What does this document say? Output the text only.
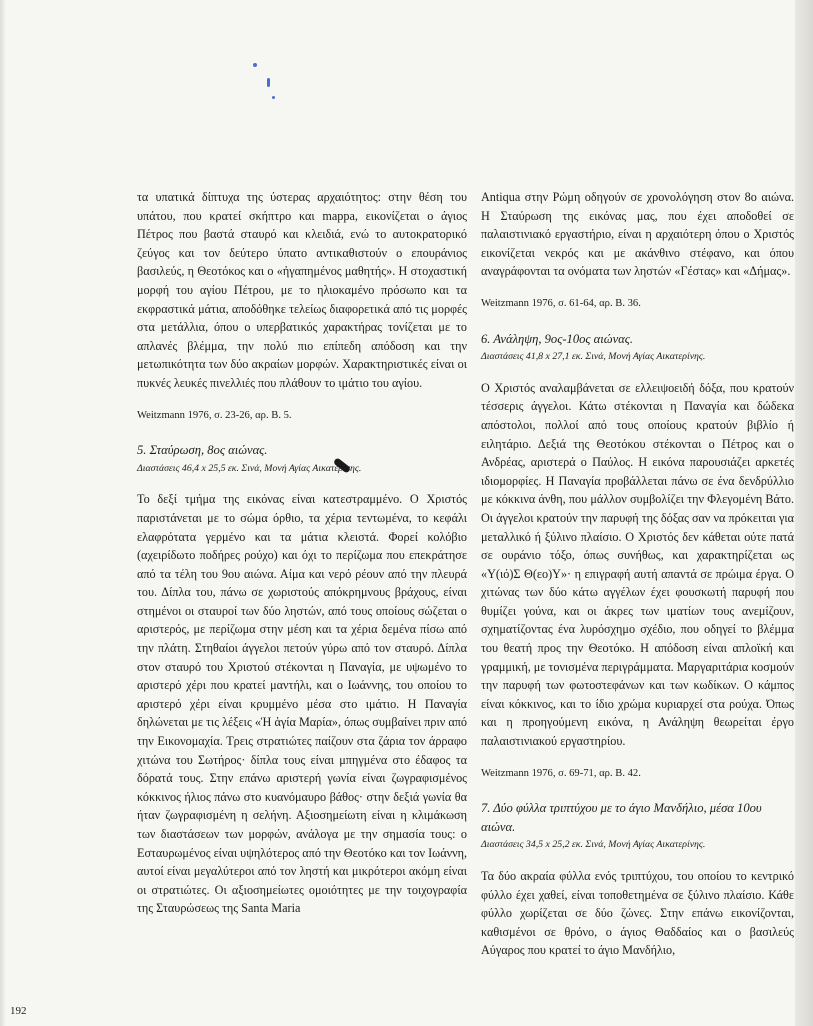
τα υπατικά δίπτυχα της ύστερας αρχαιότητος: στην θέση του υπάτου, που κρατεί σκήπτρο και mappa, εικονίζεται ο άγιος Πέτρος που βαστά σταυρό και κλειδιά, ενώ το αυτοκρατορικό ζεύγος και τον δεύτερο ύπατο αντικαθιστούν ο επουράνιος βασιλεύς, η Θεοτόκος και ο «ἠγαπημένος μαθητής». Η στοχαστική μορφή του αγίου Πέτρου, με το ηλιοκαμένο πρόσωπο και τα εκφραστικά μάτια, αποδόθηκε τελείως διαφορετικά από τις μορφές στα μετάλλια, όπου ο υπερβατικός χαρακτήρας τονίζεται με το απλανές βλέμμα, την πολύ πιο επίπεδη απόδοση και την μετωπικότητα των δύο ακραίων μορφών. Χαρακτηριστικές είναι οι πυκνές λευκές πινελλιές που πλάθουν το ιμάτιο του αγίου.

Weitzmann 1976, σ. 23-26, αρ. Β. 5.

5. Σταύρωση, 8ος αιώνας.

Διαστάσεις 46,4 x 25,5 εκ. Σινά, Μονή Αγίας Αικατερίνης.

Το δεξί τμήμα της εικόνας είναι κατεστραμμένο. Ο Χριστός παριστάνεται με το σώμα όρθιο, τα χέρια τεντωμένα, το κεφάλι ελαφρότατα γερμένο και τα μάτια κλειστά. Φορεί κολόβιο (αχειρίδωτο ποδήρες ρούχο) και όχι το περίζωμα που επεκράτησε από τα τέλη του 9ου αιώνα. Αίμα και νερό ρέουν από την πλευρά του. Δίπλα του, πάνω σε χωριστούς απόκρημνους βράχους, είναι στημένοι οι σταυροί των δύο ληστών, από τους οποίους σώζεται ο αριστερός, με περίζωμα στην μέση και τα χέρια δεμένα πίσω από την πλάτη. Στηθαίοι άγγελοι πετούν γύρω από τον σταυρό. Δίπλα στον σταυρό του Χριστού στέκονται η Παναγία, με υψωμένο το αριστερό χέρι που κρατεί μαντήλι, και ο Ιωάννης, του οποίου το αριστερό χέρι είναι κρυμμένο μέσα στο ιμάτιο. Η Παναγία δηλώνεται με τις λέξεις «Ἡ ἁγία Μαρία», όπως συμβαίνει πριν από την Εικονομαχία. Τρεις στρατιώτες παίζουν στα ζάρια τον άρραφο χιτώνα του Σωτήρος· δίπλα τους είναι μπηγμένα στο έδαφος τα δόρατά τους. Στην επάνω αριστερή γωνία είναι ζωγραφισμένος κόκκινος ήλιος πάνω στο κυανόμαυρο βάθος· στην δεξιά γωνία θα ήταν ζωγραφισμένη η σελήνη. Αξιοσημείωτη είναι η κλιμάκωση των διαστάσεων των μορφών, ανάλογα με την σημασία τους: ο Εσταυρωμένος είναι υψηλότερος από την Θεοτόκο και τον Ιωάννη, αυτοί είναι μεγαλύτεροι από τον ληστή και μικρότεροι ακόμη είναι οι στρατιώτες. Οι αξιοσημείωτες ομοιότητες με την τοιχογραφία της Σταυρώσεως της Santa Maria

Antiqua στην Ρώμη οδηγούν σε χρονολόγηση στον 8ο αιώνα. Η Σταύρωση της εικόνας μας, που έχει αποδοθεί σε παλαιστινιακό εργαστήριο, είναι η αρχαιότερη όπου ο Χριστός εικονίζεται νεκρός και με ακάνθινο στέφανο, και όπου αναγράφονται τα ονόματα των ληστών «Γέστας» και «Δήμας».

Weitzmann 1976, σ. 61-64, αρ. Β. 36.

6. Ανάληψη, 9ος-10ος αιώνας.

Διαστάσεις 41,8 x 27,1 εκ. Σινά, Μονή Αγίας Αικατερίνης.

Ο Χριστός αναλαμβάνεται σε ελλειψοειδή δόξα, που κρατούν τέσσερις άγγελοι. Κάτω στέκονται η Παναγία και δώδεκα απόστολοι, πολλοί από τους οποίους κρατούν βιβλίο ή ειλητάριο. Δεξιά της Θεοτόκου στέκονται ο Πέτρος και ο Ανδρέας, αριστερά ο Παύλος. Η εικόνα παρουσιάζει αρκετές ιδιομορφίες. Η Παναγία προβάλλεται πάνω σε ένα δενδρύλλιο με κόκκινα άνθη, που μάλλον συμβολίζει την Φλεγομένη Βάτο. Οι άγγελοι κρατούν την παρυφή της δόξας σαν να πρόκειται για μεταλλικό ή ξύλινο πλαίσιο. Ο Χριστός δεν κάθεται ούτε πατά σε ουράνιο τόξο, όπως συνήθως, και χαρακτηρίζεται ως «Υ(ιό)Σ Θ(εο)Υ»· η επιγραφή αυτή απαντά σε πρώιμα έργα. Ο χιτώνας των δύο κάτω αγγέλων έχει φουσκωτή παρυφή που θυμίζει γούνα, και οι άκρες των ιματίων τους ανεμίζουν, σχηματίζοντας ένα λυρόσχημο σχέδιο, που οδηγεί το βλέμμα του θεατή προς την Θεοτόκο. Η απόδοση είναι απλοϊκή και γραμμική, με τονισμένα περιγράμματα. Μαργαριτάρια κοσμούν την παρυφή των φωτοστεφάνων και των κωδίκων. Ο κάμπος είναι κόκκινος, και το ίδιο χρώμα κυριαρχεί στα ρούχα. Όπως και η προηγούμενη εικόνα, η Ανάληψη θεωρείται έργο παλαιστινιακού εργαστηρίου.

Weitzmann 1976, σ. 69-71, αρ. Β. 42.

7. Δύο φύλλα τριπτύχου με το άγιο Μανδήλιο, μέσα 10ου αιώνα.

Διαστάσεις 34,5 x 25,2 εκ. Σινά, Μονή Αγίας Αικατερίνης.

Τα δύο ακραία φύλλα ενός τριπτύχου, του οποίου το κεντρικό φύλλο έχει χαθεί, είναι τοποθετημένα σε ξύλινο πλαίσιο. Κάθε φύλλο χωρίζεται σε δύο ζώνες. Στην επάνω εικονίζονται, καθισμένοι σε θρόνο, ο άγιος Θαδδαίος και ο βασιλεύς Αύγαρος που κρατεί το άγιο Μανδήλιο,

192
